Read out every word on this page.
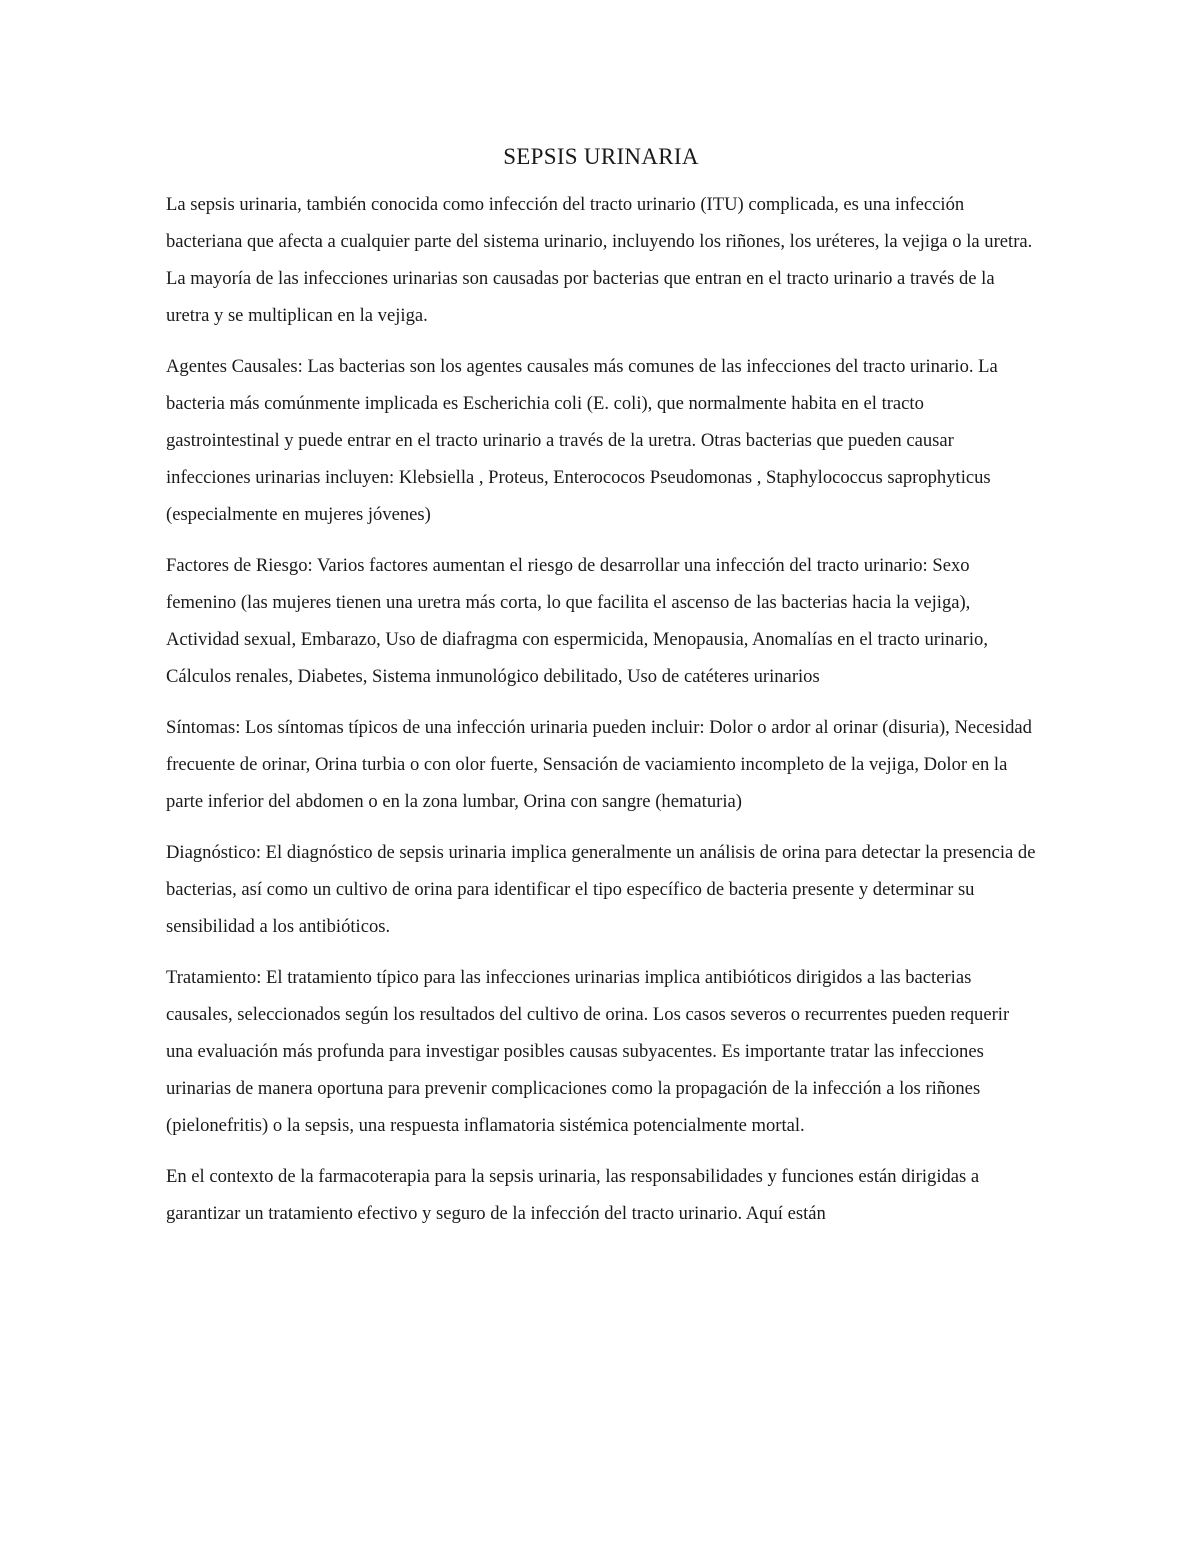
SEPSIS URINARIA

La sepsis urinaria, también conocida como infección del tracto urinario (ITU) complicada, es una infección bacteriana que afecta a cualquier parte del sistema urinario, incluyendo los riñones, los uréteres, la vejiga o la uretra. La mayoría de las infecciones urinarias son causadas por bacterias que entran en el tracto urinario a través de la uretra y se multiplican en la vejiga.

Agentes Causales: Las bacterias son los agentes causales más comunes de las infecciones del tracto urinario. La bacteria más comúnmente implicada es Escherichia coli (E. coli), que normalmente habita en el tracto gastrointestinal y puede entrar en el tracto urinario a través de la uretra. Otras bacterias que pueden causar infecciones urinarias incluyen: Klebsiella , Proteus, Enterococos Pseudomonas , Staphylococcus saprophyticus (especialmente en mujeres jóvenes)

Factores de Riesgo: Varios factores aumentan el riesgo de desarrollar una infección del tracto urinario: Sexo femenino (las mujeres tienen una uretra más corta, lo que facilita el ascenso de las bacterias hacia la vejiga), Actividad sexual, Embarazo, Uso de diafragma con espermicida, Menopausia, Anomalías en el tracto urinario, Cálculos renales, Diabetes, Sistema inmunológico debilitado, Uso de catéteres urinarios

Síntomas: Los síntomas típicos de una infección urinaria pueden incluir: Dolor o ardor al orinar (disuria), Necesidad frecuente de orinar, Orina turbia o con olor fuerte, Sensación de vaciamiento incompleto de la vejiga, Dolor en la parte inferior del abdomen o en la zona lumbar, Orina con sangre (hematuria)

Diagnóstico: El diagnóstico de sepsis urinaria implica generalmente un análisis de orina para detectar la presencia de bacterias, así como un cultivo de orina para identificar el tipo específico de bacteria presente y determinar su sensibilidad a los antibióticos.

Tratamiento: El tratamiento típico para las infecciones urinarias implica antibióticos dirigidos a las bacterias causales, seleccionados según los resultados del cultivo de orina. Los casos severos o recurrentes pueden requerir una evaluación más profunda para investigar posibles causas subyacentes. Es importante tratar las infecciones urinarias de manera oportuna para prevenir complicaciones como la propagación de la infección a los riñones (pielonefritis) o la sepsis, una respuesta inflamatoria sistémica potencialmente mortal.

En el contexto de la farmacoterapia para la sepsis urinaria, las responsabilidades y funciones están dirigidas a garantizar un tratamiento efectivo y seguro de la infección del tracto urinario. Aquí están
